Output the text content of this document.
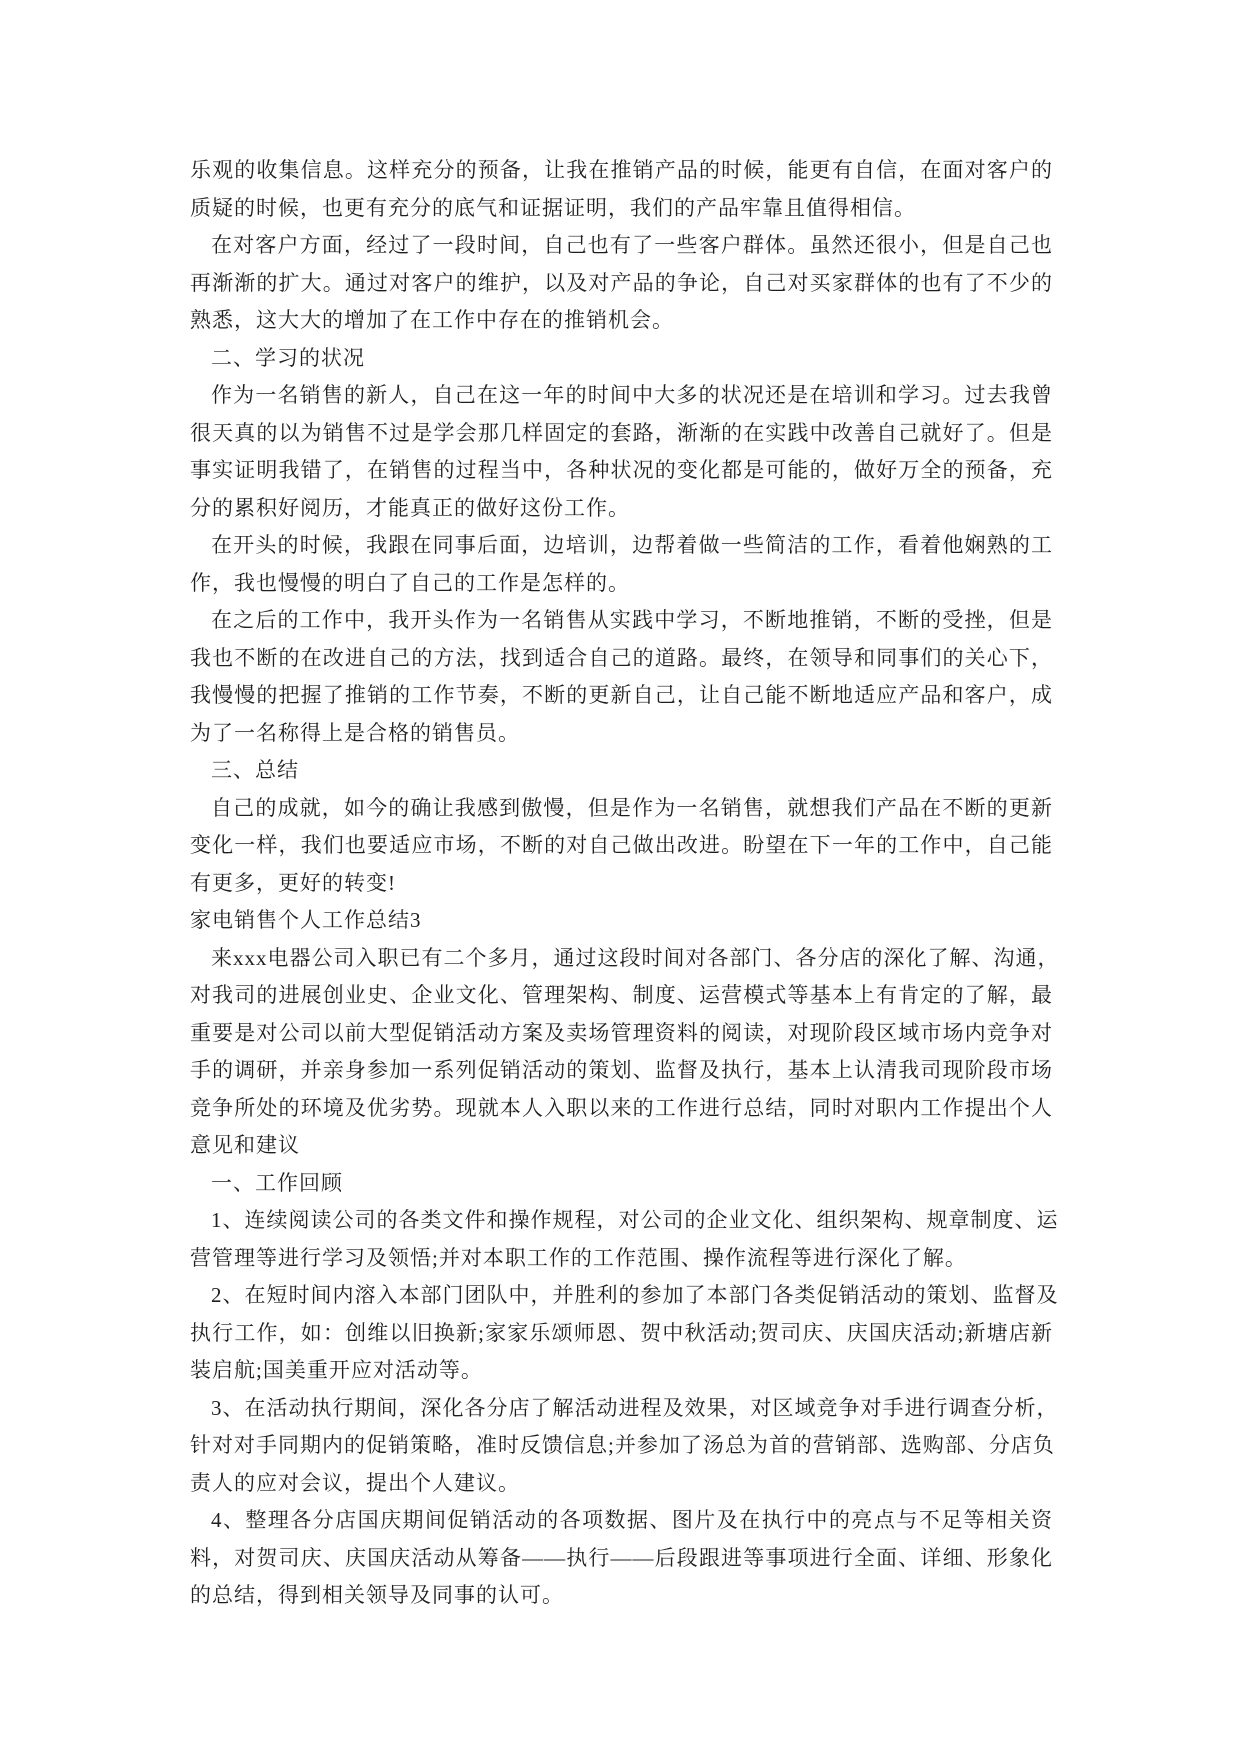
乐观的收集信息。这样充分的预备，让我在推销产品的时候，能更有自信，在面对客户的
质疑的时候，也更有充分的底气和证据证明，我们的产品牢靠且值得相信。
在对客户方面，经过了一段时间，自己也有了一些客户群体。虽然还很小，但是自己也
再渐渐的扩大。通过对客户的维护，以及对产品的争论，自己对买家群体的也有了不少的
熟悉，这大大的增加了在工作中存在的推销机会。
二、学习的状况
作为一名销售的新人，自己在这一年的时间中大多的状况还是在培训和学习。过去我曾
很天真的以为销售不过是学会那几样固定的套路，渐渐的在实践中改善自己就好了。但是
事实证明我错了，在销售的过程当中，各种状况的变化都是可能的，做好万全的预备，充
分的累积好阅历，才能真正的做好这份工作。
在开头的时候，我跟在同事后面，边培训，边帮着做一些简洁的工作，看着他娴熟的工
作，我也慢慢的明白了自己的工作是怎样的。
在之后的工作中，我开头作为一名销售从实践中学习，不断地推销，不断的受挫，但是
我也不断的在改进自己的方法，找到适合自己的道路。最终，在领导和同事们的关心下，
我慢慢的把握了推销的工作节奏，不断的更新自己，让自己能不断地适应产品和客户，成
为了一名称得上是合格的销售员。
三、总结
自己的成就，如今的确让我感到傲慢，但是作为一名销售，就想我们产品在不断的更新
变化一样，我们也要适应市场，不断的对自己做出改进。盼望在下一年的工作中，自己能
有更多，更好的转变!
家电销售个人工作总结3
来xxx电器公司入职已有二个多月，通过这段时间对各部门、各分店的深化了解、沟通，
对我司的进展创业史、企业文化、管理架构、制度、运营模式等基本上有肯定的了解，最
重要是对公司以前大型促销活动方案及卖场管理资料的阅读，对现阶段区域市场内竞争对
手的调研，并亲身参加一系列促销活动的策划、监督及执行，基本上认清我司现阶段市场
竞争所处的环境及优劣势。现就本人入职以来的工作进行总结，同时对职内工作提出个人
意见和建议
一、工作回顾
1、连续阅读公司的各类文件和操作规程，对公司的企业文化、组织架构、规章制度、运
营管理等进行学习及领悟;并对本职工作的工作范围、操作流程等进行深化了解。
2、在短时间内溶入本部门团队中，并胜利的参加了本部门各类促销活动的策划、监督及
执行工作，如：创维以旧换新;家家乐颂师恩、贺中秋活动;贺司庆、庆国庆活动;新塘店新
装启航;国美重开应对活动等。
3、在活动执行期间，深化各分店了解活动进程及效果，对区域竞争对手进行调查分析，
针对对手同期内的促销策略，准时反馈信息;并参加了汤总为首的营销部、选购部、分店负
责人的应对会议，提出个人建议。
4、整理各分店国庆期间促销活动的各项数据、图片及在执行中的亮点与不足等相关资
料，对贺司庆、庆国庆活动从筹备——执行——后段跟进等事项进行全面、详细、形象化
的总结，得到相关领导及同事的认可。
